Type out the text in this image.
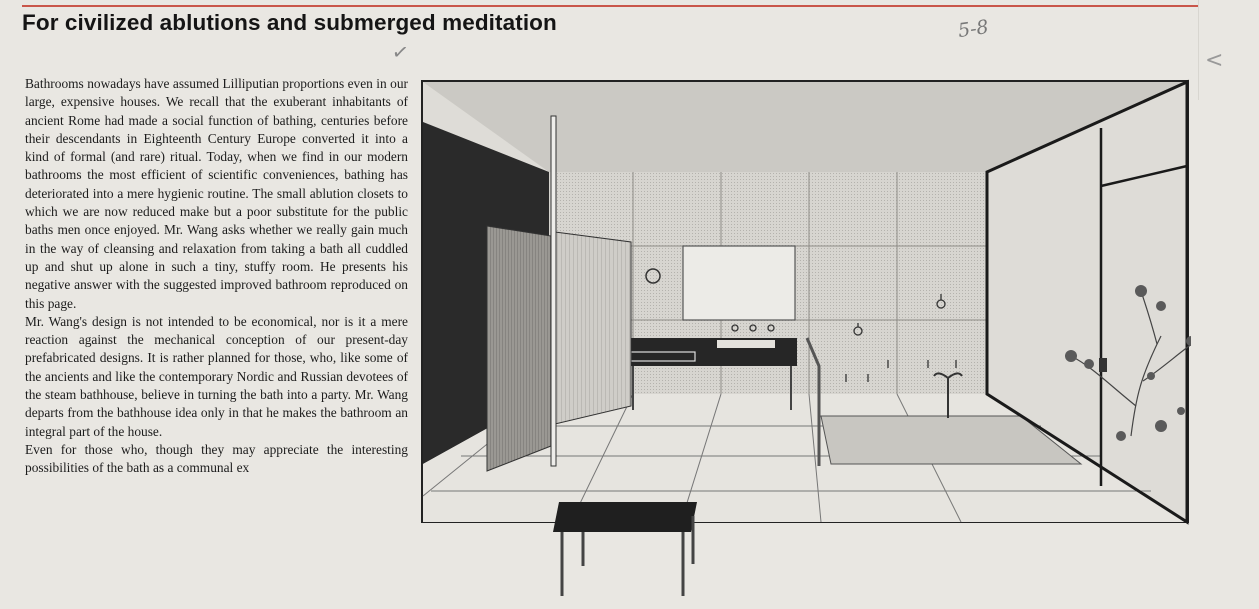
For civilized ablutions and submerged meditation	5-8
✓	<

Bathrooms nowadays have assumed Lilliputian proportions even in our large, expensive houses. We recall that the exuberant inhabitants of ancient Rome had made a social function of bathing, centuries before their descendants in Eighteenth Century Europe converted it into a kind of formal (and rare) ritual. Today, when we find in our modern bathrooms the most efficient of scientific conveniences, bathing has deteriorated into a mere hygienic routine. The small ablution closets to which we are now reduced make but a poor substitute for the public baths men once enjoyed. Mr. Wang asks whether we really gain much in the way of cleansing and relaxation from taking a bath all cuddled up and shut up alone in such a tiny, stuffy room. He presents his negative answer with the suggested improved bathroom reproduced on this page.

Mr. Wang's design is not intended to be economical, nor is it a mere reaction against the mechanical conception of our present-day prefabricated designs. It is rather planned for those, who, like some of the ancients and like the contemporary Nordic and Russian devotees of the steam bathhouse, believe in turning the bath into a party. Mr. Wang departs from the bathhouse idea only in that he makes the bathroom an integral part of the house.

Even for those who, though they may appreciate the interesting possibilities of the bath as a communal ex
